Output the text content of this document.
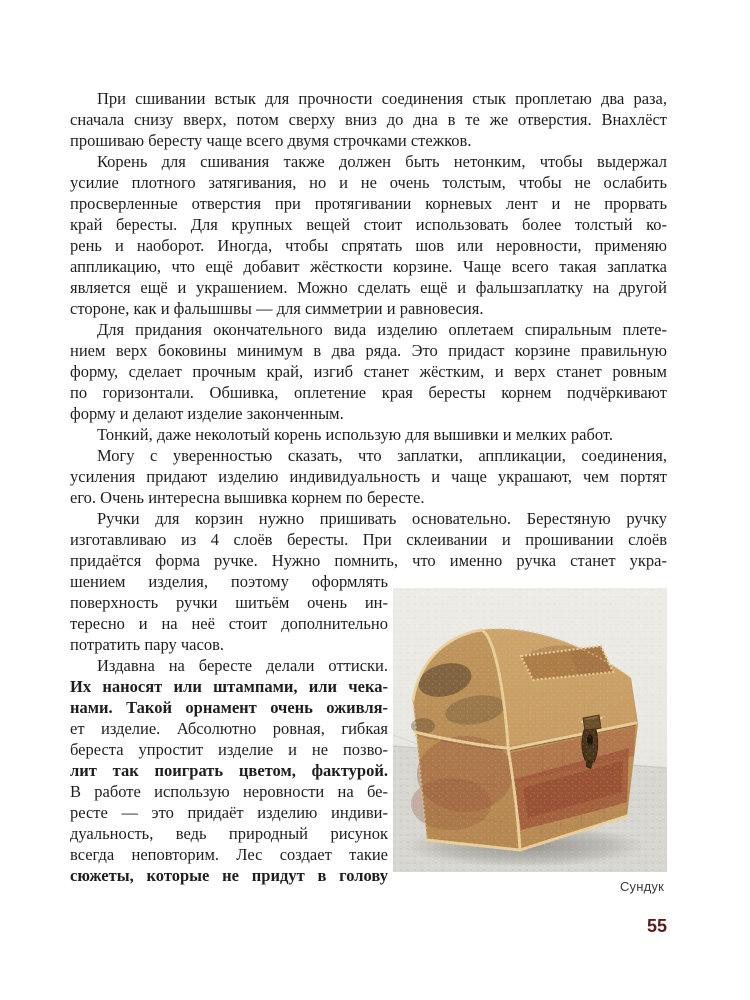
При сшивании встык для прочности соединения стык проплетаю два раза,
сначала снизу вверх, потом сверху вниз до дна в те же отверстия. Внахлёст
прошиваю бересту чаще всего двумя строчками стежков.
Корень для сшивания также должен быть нетонким, чтобы выдержал
усилие плотного затягивания, но и не очень толстым, чтобы не ослабить
просверленные отверстия при протягивании корневых лент и не прорвать
край бересты. Для крупных вещей стоит использовать более толстый ко-
рень и наоборот. Иногда, чтобы спрятать шов или неровности, применяю
аппликацию, что ещё добавит жёсткости корзине. Чаще всего такая заплатка
является ещё и украшением. Можно сделать ещё и фальшзаплатку на другой
стороне, как и фальшшвы — для симметрии и равновесия.
Для придания окончательного вида изделию оплетаем спиральным плете-
нием верх боковины минимум в два ряда. Это придаст корзине правильную
форму, сделает прочным край, изгиб станет жёстким, и верх станет ровным
по горизонтали. Обшивка, оплетение края бересты корнем подчёркивают
форму и делают изделие законченным.
Тонкий, даже неколотый корень использую для вышивки и мелких работ.
Могу с уверенностью сказать, что заплатки, аппликации, соединения,
усиления придают изделию индивидуальность и чаще украшают, чем портят
его. Очень интересна вышивка корнем по бересте.
Ручки для корзин нужно пришивать основательно. Берестяную ручку
изготавливаю из 4 слоёв бересты. При склеивании и прошивании слоёв
придаётся форма ручке. Нужно помнить, что именно ручка станет укра-
шением изделия, поэтому оформлять
поверхность ручки шитьём очень ин-
тересно и на неё стоит дополнительно
потратить пару часов.
Издавна на бересте делали оттиски.
Их наносят или штампами, или чека-
нами. Такой орнамент очень оживля-
ет изделие. Абсолютно ровная, гибкая
береста упростит изделие и не позво-
лит так поиграть цветом, фактурой.
В работе использую неровности на бе-
ресте — это придаёт изделию индиви-
дуальность, ведь природный рисунок
всегда неповторим. Лес создает такие
сюжеты, которые не придут в голову
Сундук
55
